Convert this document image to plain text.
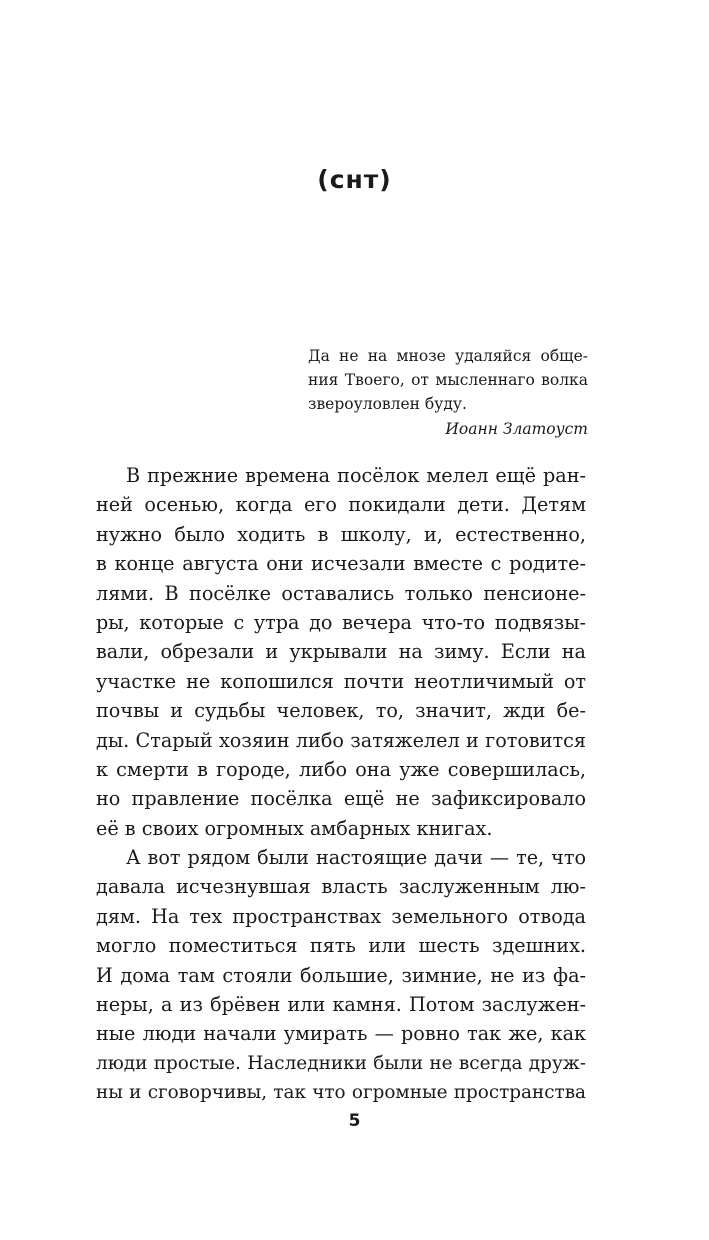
(снт)
Да не на мнозе удаляйся обще-
ния Твоего, от мысленнаго волка
звероуловлен буду.
Иоанн Златоуст
В прежние времена посёлок мелел ещё ран-
ней осенью, когда его покидали дети. Детям
нужно было ходить в школу, и, естественно,
в конце августа они исчезали вместе с родите-
лями. В посёлке оставались только пенсионе-
ры, которые с утра до вечера что-то подвязы-
вали, обрезали и укрывали на зиму. Если на
участке не копошился почти неотличимый от
почвы и судьбы человек, то, значит, жди бе-
ды. Старый хозяин либо затяжелел и готовится
к смерти в городе, либо она уже совершилась,
но правление посёлка ещё не зафиксировало
её в своих огромных амбарных книгах.
А вот рядом были настоящие дачи — те, что
давала исчезнувшая власть заслуженным лю-
дям. На тех пространствах земельного отвода
могло поместиться пять или шесть здешних.
И дома там стояли большие, зимние, не из фа-
неры, а из брёвен или камня. Потом заслужен-
ные люди начали умирать — ровно так же, как
люди простые. Наследники были не всегда друж-
ны и сговорчивы, так что огромные пространства
5
